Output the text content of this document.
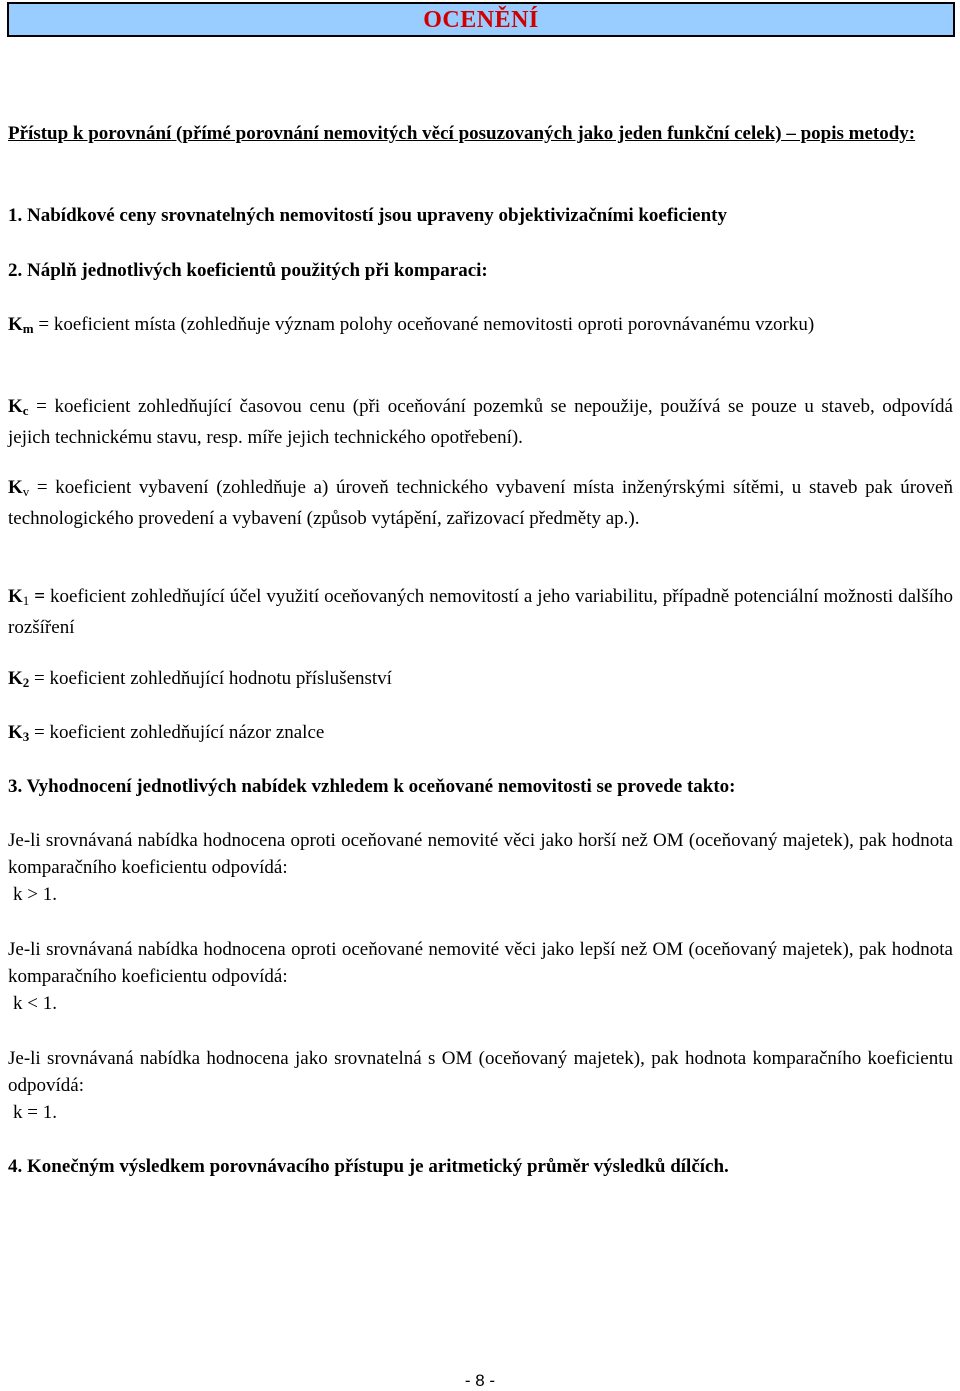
OCENĚNÍ
Přístup k porovnání (přímé porovnání nemovitých věcí posuzovaných jako jeden funkční celek) – popis metody:
1. Nabídkové ceny srovnatelných nemovitostí jsou upraveny objektivizačními koeficienty
2. Náplň jednotlivých koeficientů použitých při komparaci:
Km = koeficient místa (zohledňuje význam polohy oceňované nemovitosti oproti porovnávanému vzorku)
Kc = koeficient zohledňující časovou cenu (při oceňování pozemků se nepoužije, používá se pouze u staveb, odpovídá jejich technickému stavu, resp. míře jejich technického opotřebení).
Kv = koeficient vybavení (zohledňuje a) úroveň technického vybavení místa inženýrskými sítěmi, u staveb pak úroveň technologického provedení a vybavení (způsob vytápění, zařizovací předměty ap.).
K1 = koeficient zohledňující účel využití oceňovaných nemovitostí a jeho variabilitu, případně potenciální možnosti dalšího rozšíření
K2 = koeficient zohledňující hodnotu příslušenství
K3 = koeficient zohledňující názor znalce
3. Vyhodnocení jednotlivých nabídek vzhledem k oceňované nemovitosti se provede takto:
Je-li srovnávaná nabídka hodnocena oproti oceňované nemovité věci jako horší než OM (oceňovaný majetek), pak hodnota komparačního koeficientu odpovídá:
k > 1.
Je-li srovnávaná nabídka hodnocena oproti oceňované nemovité věci jako lepší než OM (oceňovaný majetek), pak hodnota komparačního koeficientu odpovídá:
k < 1.
Je-li srovnávaná nabídka hodnocena jako srovnatelná s OM (oceňovaný majetek), pak hodnota komparačního koeficientu odpovídá:
k = 1.
4. Konečným výsledkem porovnávacího přístupu je aritmetický průměr výsledků dílčích.
- 8 -
